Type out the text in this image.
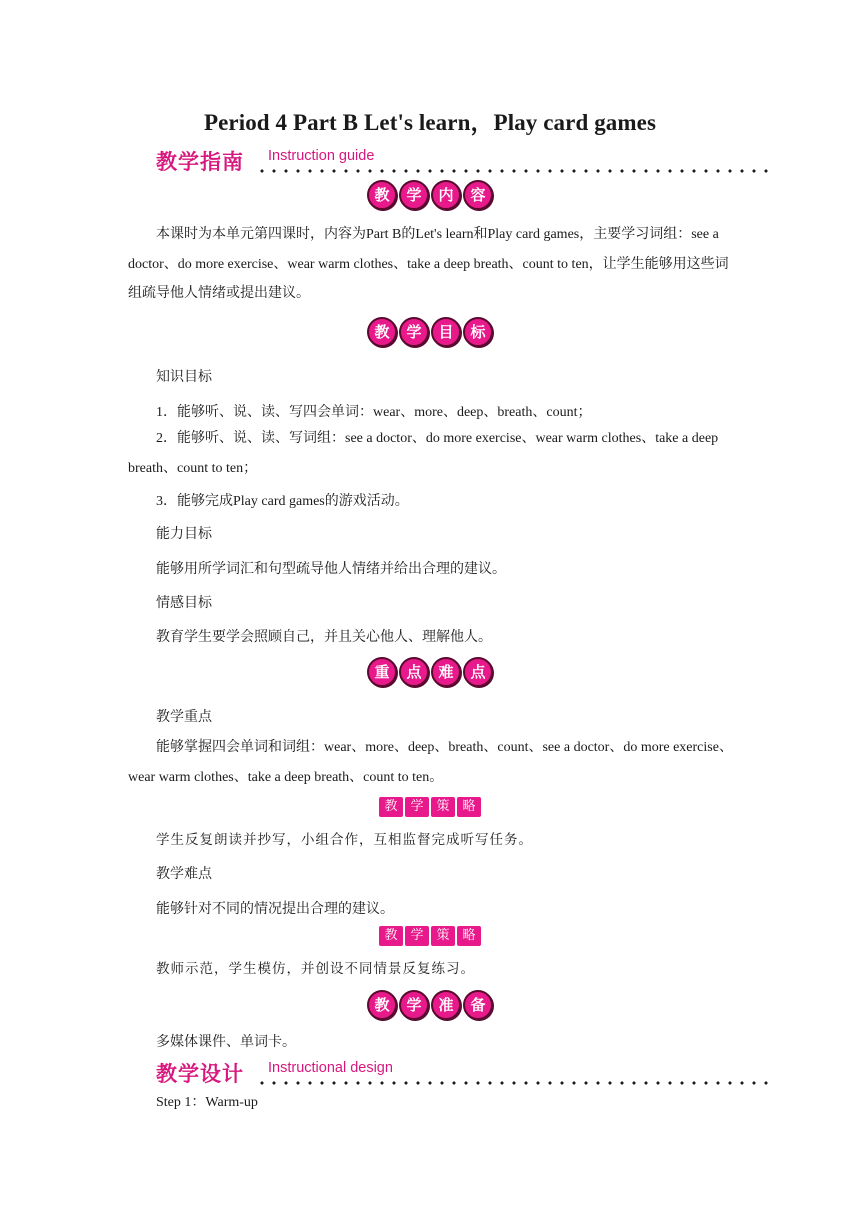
Period 4 Part B Let's learn，Play card games
教学指南 Instruction guide
教 学 内 容

本课时为本单元第四课时，内容为Part B的Let's learn和Play card games，主要学习词组：see a doctor、do more exercise、wear warm clothes、take a deep breath、count to ten，让学生能够用这些词组疏导他人情绪或提出建议。

教 学 目 标
知识目标
1．能够听、说、读、写四会单词：wear、more、deep、breath、count；

2．能够听、说、读、写词组：see a doctor、do more exercise、wear warm clothes、take a deep breath、count to ten；

3．能够完成Play card games的游戏活动。
能力目标
能够用所学词汇和句型疏导他人情绪并给出合理的建议。
情感目标
教育学生要学会照顾自己，并且关心他人、理解他人。
重 点 难 点
教学重点

能够掌握四会单词和词组：wear、more、deep、breath、count、see a doctor、do more exercise、wear warm clothes、take a deep breath、count to ten。

教 学 策 略
学生反复朗读并抄写，小组合作，互相监督完成听写任务。
教学难点
能够针对不同的情况提出合理的建议。
教 学 策 略
教师示范，学生模仿，并创设不同情景反复练习。
教 学 准 备
多媒体课件、单词卡。
教学设计 Instructional design
Step 1：Warm-up
